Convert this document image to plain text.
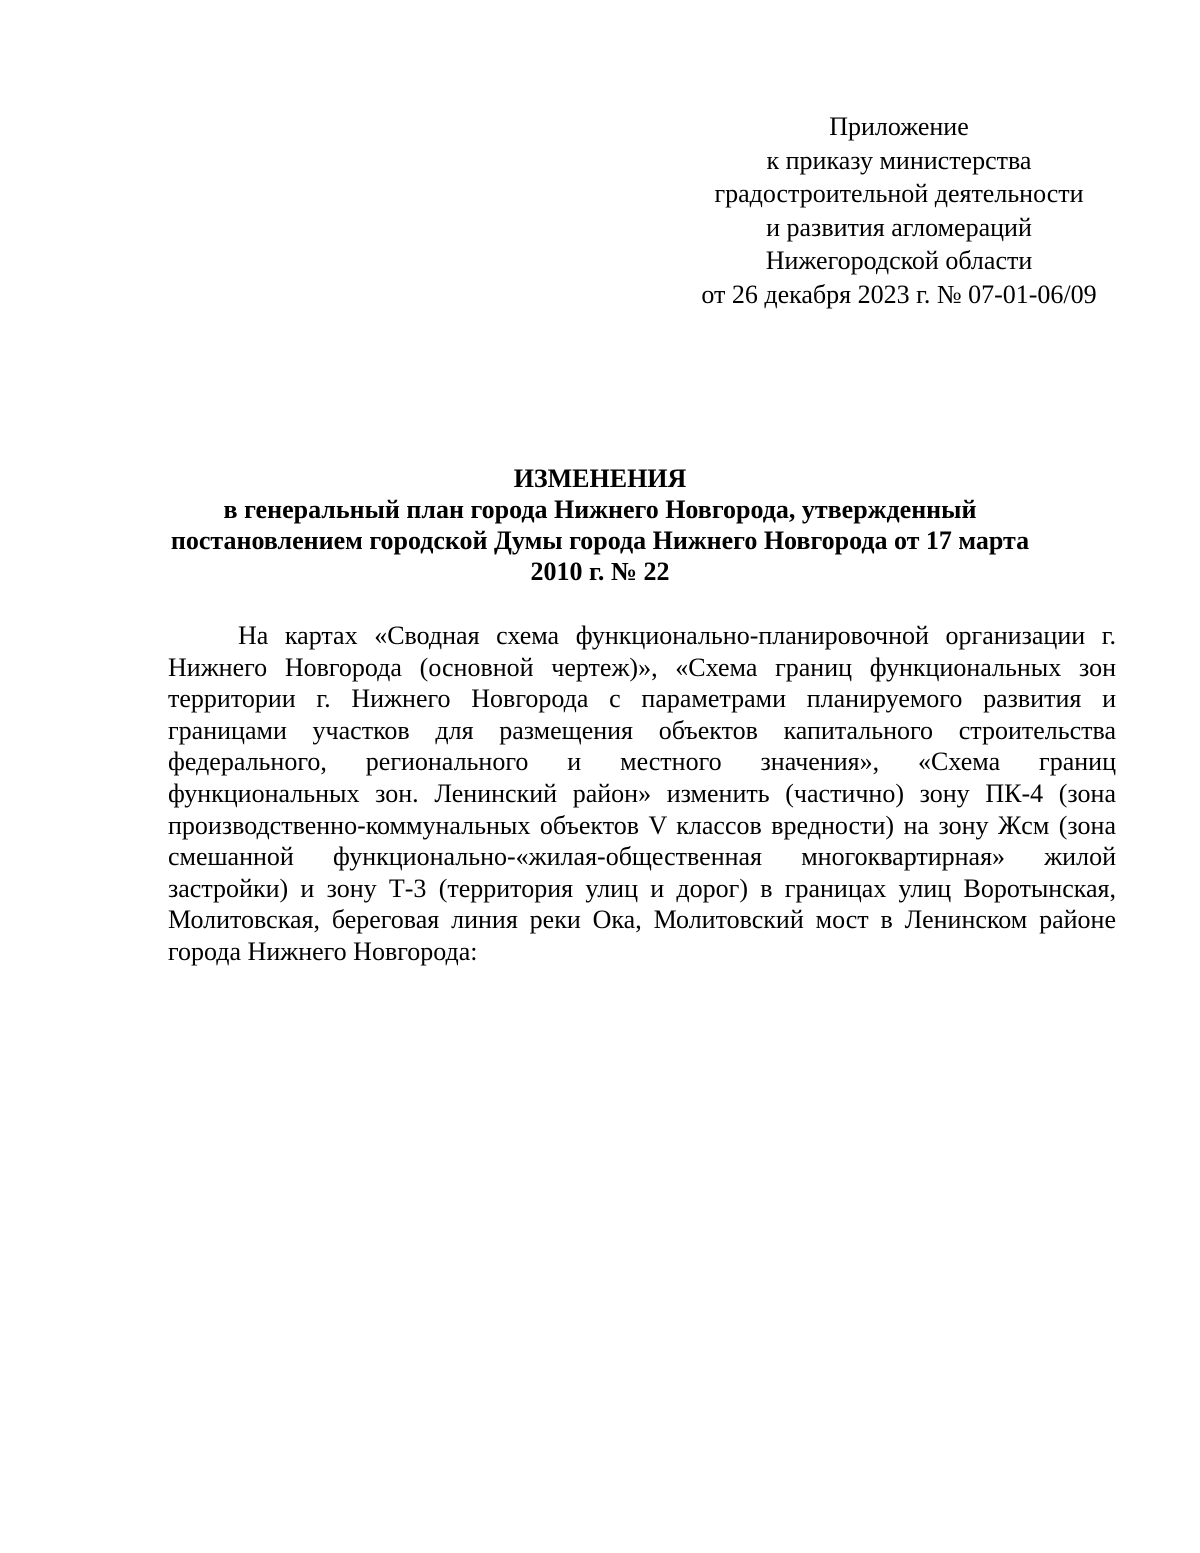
Приложение
к приказу министерства
градостроительной деятельности
и развития агломераций
Нижегородской области
от 26 декабря 2023 г. № 07-01-06/09
ИЗМЕНЕНИЯ
в генеральный план города Нижнего Новгорода, утвержденный
постановлением городской Думы города Нижнего Новгорода от 17 марта
2010 г. № 22

На картах «Сводная схема функционально-планировочной организации г. Нижнего Новгорода (основной чертеж)», «Схема границ функциональных зон территории г. Нижнего Новгорода с параметрами планируемого развития и границами участков для размещения объектов капитального строительства федерального, регионального и местного значения», «Схема границ функциональных зон. Ленинский район» изменить (частично) зону ПК-4 (зона производственно-коммунальных объектов V классов вредности) на зону Жсм (зона смешанной функционально-«жилая-общественная многоквартирная» жилой застройки) и зону Т-3 (территория улиц и дорог) в границах улиц Воротынская, Молитовская, береговая линия реки Ока, Молитовский мост в Ленинском районе города Нижнего Новгорода:
